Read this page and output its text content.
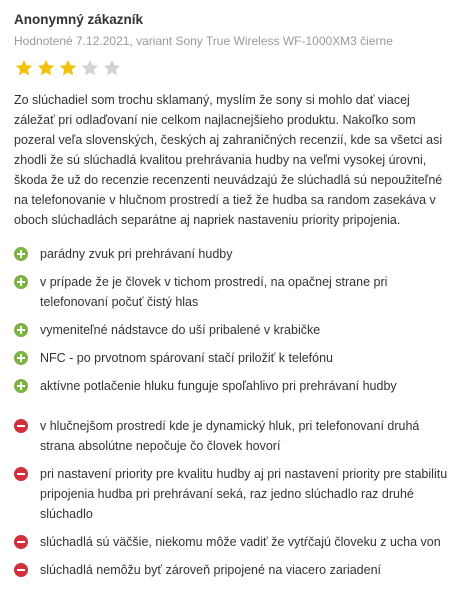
Anonymný zákazník
Hodnotené 7.12.2021, variant Sony True Wireless WF-1000XM3 čierne
Zo slúchadiel som trochu sklamaný, myslím že sony si mohlo dať viacej záležať pri odlaďovaní nie celkom najlacnejšieho produktu. Nakoľko som pozeral veľa slovenských, českých aj zahraničných recenzií, kde sa všetci asi zhodli že sú slúchadlá kvalitou prehrávania hudby na veľmi vysokej úrovni, škoda že už do recenzie recenzenti neuvádzajú že slúchadlá sú nepoužiteľné na telefonovanie v hlučnom prostredí a tiež že hudba sa random zasekáva v oboch slúchadlách separátne aj napriek nastaveniu priority pripojenia.
parádny zvuk pri prehrávaní hudby
v prípade že je človek v tichom prostredí, na opačnej strane pri telefonovaní počuť čistý hlas
vymeniteľné nádstavce do uší pribalené v krabičke
NFC - po prvotnom spárovaní stačí priložiť k telefónu
aktívne potlačenie hluku funguje spoľahlivo pri prehrávaní hudby
v hlučnejšom prostredí kde je dynamický hluk, pri telefonovaní druhá strana absolútne nepočuje čo človek hovorí
pri nastavení priority pre kvalitu hudby aj pri nastavení priority pre stabilitu pripojenia hudba pri prehrávaní seká, raz jedno slúchadlo raz druhé slúchadlo
slúchadlá sú väčšie, niekomu môže vadiť že vytŕčajú človeku z ucha von
slúchadlá nemôžu byť zároveň pripojené na viacero zariadení
